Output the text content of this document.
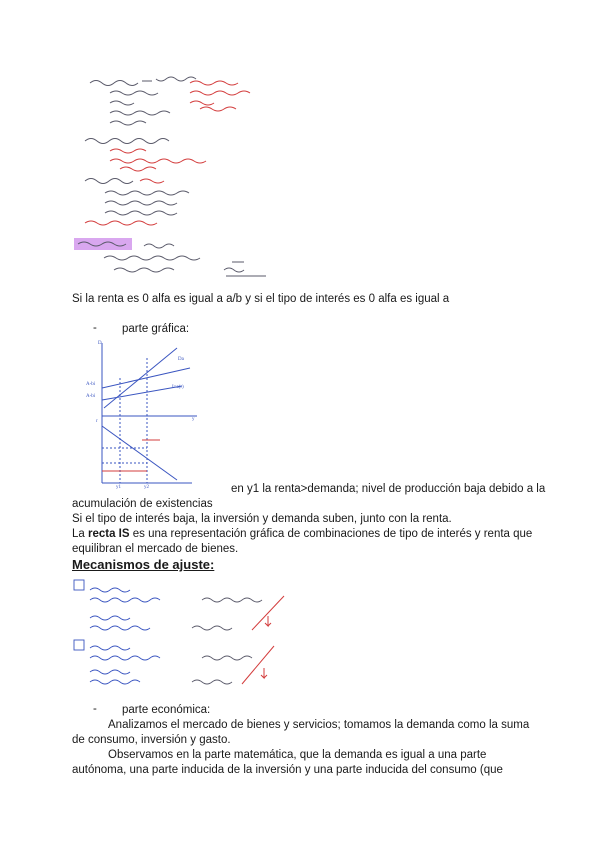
Si la renta es 0 alfa es igual a a/b y si el tipo de interés es 0 alfa es igual a
- parte gráfica:
D
A-bi
A-bi
I=a(r)
Da
y
r
y1	y2	en y1 la renta>demanda; nivel de producción baja debido a la
acumulación de existencias
Si el tipo de interés baja, la inversión y demanda suben, junto con la renta.
La recta IS es una representación gráfica de combinaciones de tipo de interés y renta que
equilibran el mercado de bienes.
Mecanismos de ajuste:
- parte económica:
Analizamos el mercado de bienes y servicios; tomamos la demanda como la suma
de consumo, inversión y gasto.
Observamos en la parte matemática, que la demanda es igual a una parte
autónoma, una parte inducida de la inversión y una parte inducida del consumo (que
